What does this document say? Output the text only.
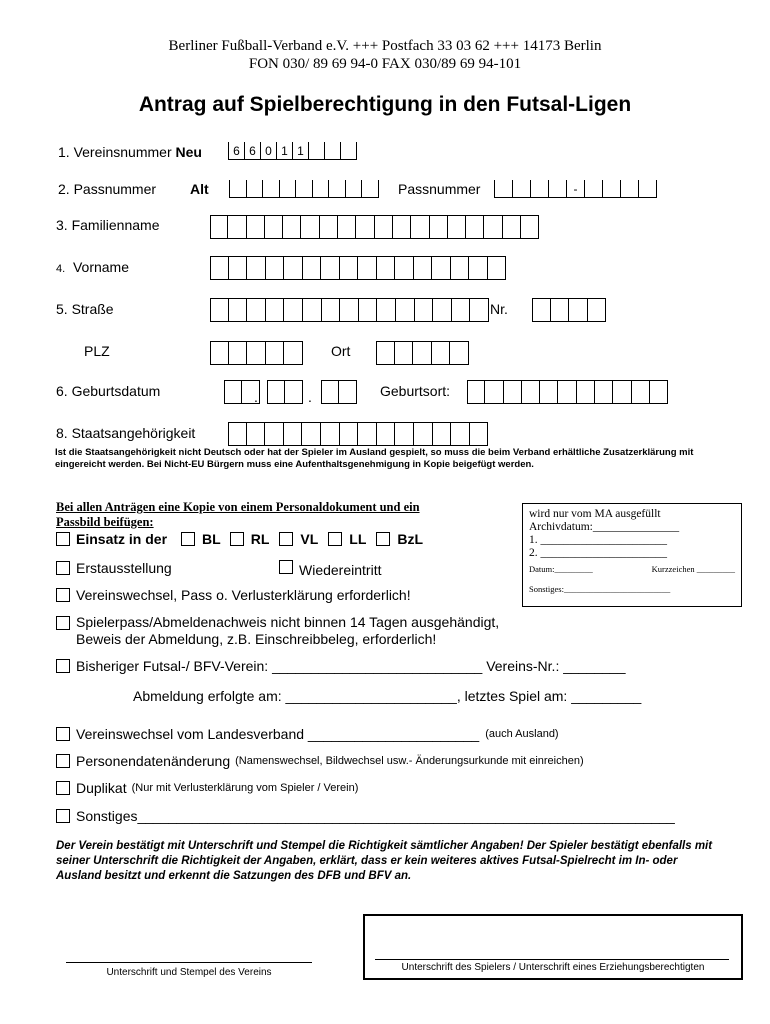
Berliner Fußball-Verband e.V. +++ Postfach 33 03 62 +++ 14173 Berlin
FON 030/ 89 69 94-0 FAX 030/89 69 94-101
Antrag auf Spielberechtigung in den Futsal-Ligen
1. Vereinsnummer Neu	6 6 0 1 1
2. Passnummer Alt	Passnummer	-
3. Familienname
4. Vorname
5. Straße	Nr.
PLZ	Ort
6. Geburtsdatum	.	.	Geburtsort:
8. Staatsangehörigkeit
Ist die Staatsangehörigkeit nicht Deutsch oder hat der Spieler im Ausland gespielt, so muss die beim Verband erhältliche Zusatzerklärung mit eingereicht werden. Bei Nicht-EU Bürgern muss eine Aufenthaltsgenehmigung in Kopie beigefügt werden.
Bei allen Anträgen eine Kopie von einem Personaldokument und ein
Passbild beifügen:
Einsatz in der	BL RL VL LL BzL
wird nur vom MA ausgefüllt
Archivdatum:_______________
1. ______________________
2. ______________________
Datum:_________	Kurzzeichen _________
Sonstiges:_________________________
Erstausstellung	Wiedereintritt
Vereinswechsel, Pass o. Verlusterklärung erforderlich!
Spielerpass/Abmeldenachweis nicht binnen 14 Tagen ausgehändigt,
Beweis der Abmeldung, z.B. Einschreibbeleg, erforderlich!
Bisheriger Futsal-/ BFV-Verein: ___________________________ Vereins-Nr.: ________
Abmeldung erfolgte am: ______________________, letztes Spiel am: _________
Vereinswechsel vom Landesverband ______________________ (auch Ausland)
Personendatenänderung (Namenswechsel, Bildwechsel usw.- Änderungsurkunde mit einreichen)
Duplikat (Nur mit Verlusterklärung vom Spieler / Verein)
Sonstiges_____________________________________________________________________
Der Verein bestätigt mit Unterschrift und Stempel die Richtigkeit sämtlicher Angaben! Der Spieler bestätigt ebenfalls mit seiner Unterschrift die Richtigkeit der Angaben, erklärt, dass er kein weiteres aktives Futsal-Spielrecht im In- oder Ausland besitzt und erkennt die Satzungen des DFB und BFV an.
Unterschrift und Stempel des Vereins	Unterschrift des Spielers / Unterschrift eines Erziehungsberechtigten
